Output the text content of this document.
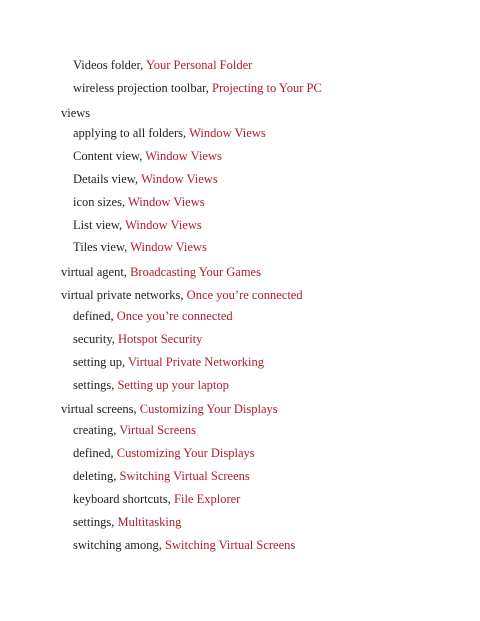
Videos folder, Your Personal Folder
wireless projection toolbar, Projecting to Your PC
views
applying to all folders, Window Views
Content view, Window Views
Details view, Window Views
icon sizes, Window Views
List view, Window Views
Tiles view, Window Views
virtual agent, Broadcasting Your Games
virtual private networks, Once you’re connected
defined, Once you’re connected
security, Hotspot Security
setting up, Virtual Private Networking
settings, Setting up your laptop
virtual screens, Customizing Your Displays
creating, Virtual Screens
defined, Customizing Your Displays
deleting, Switching Virtual Screens
keyboard shortcuts, File Explorer
settings, Multitasking
switching among, Switching Virtual Screens
